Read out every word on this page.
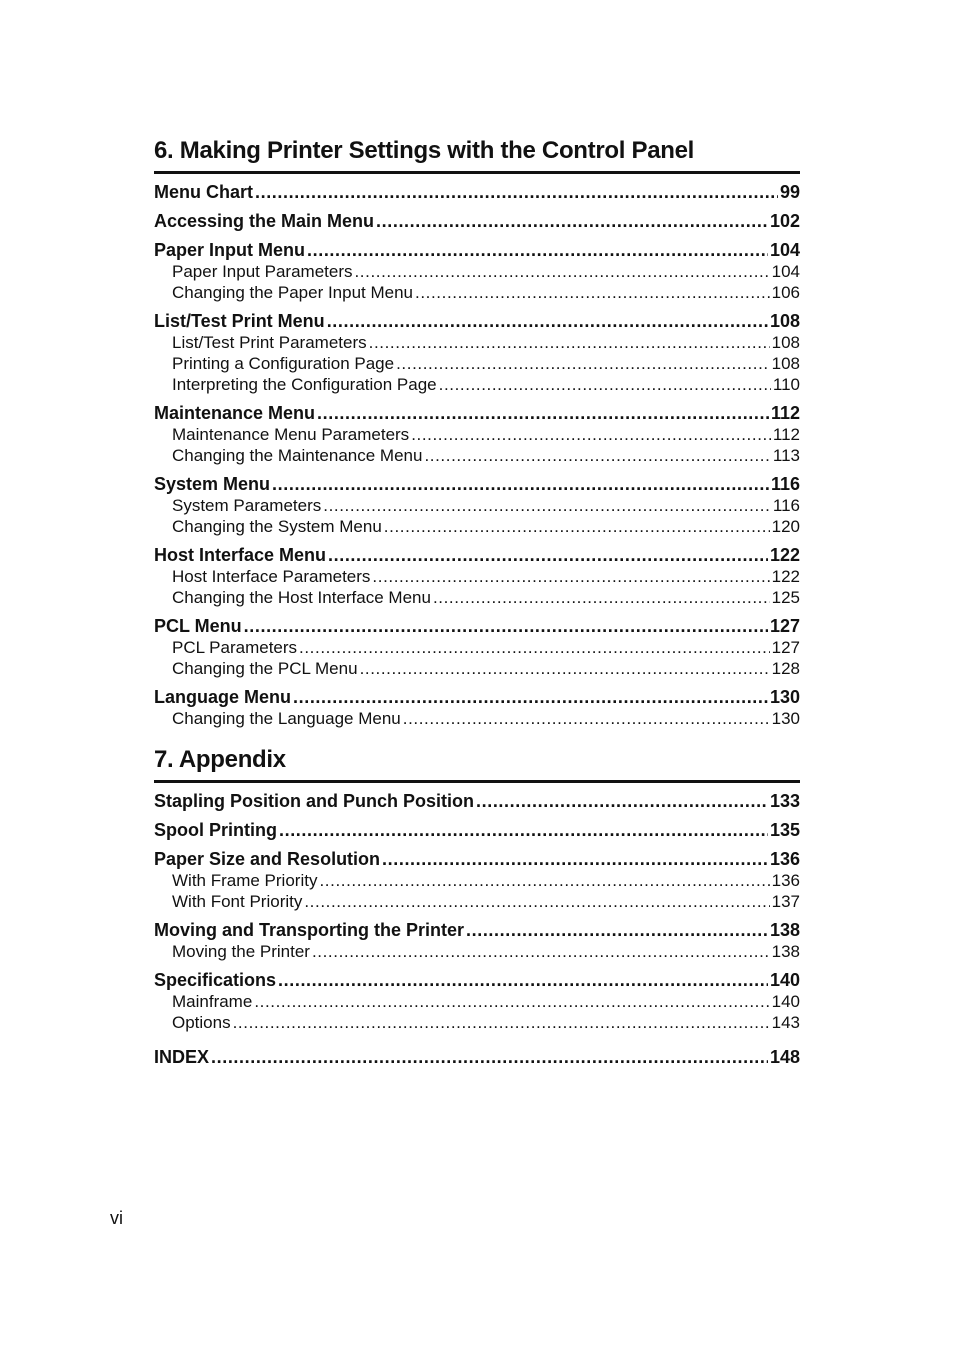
6. Making Printer Settings with the Control Panel
Menu Chart .....	99
Accessing the Main Menu .....	102
Paper Input Menu .....	104
Paper Input Parameters .....	104
Changing the Paper Input Menu .....	106
List/Test Print Menu .....	108
List/Test Print Parameters .....	108
Printing a Configuration Page .....	108
Interpreting the Configuration Page .....	110
Maintenance Menu .....	112
Maintenance Menu Parameters .....	112
Changing the Maintenance Menu .....	113
System Menu .....	116
System Parameters .....	116
Changing the System Menu .....	120
Host Interface Menu .....	122
Host Interface Parameters .....	122
Changing the Host Interface Menu .....	125
PCL Menu .....	127
PCL Parameters .....	127
Changing the PCL Menu .....	128
Language Menu .....	130
Changing the Language Menu .....	130
7. Appendix
Stapling Position and Punch Position .....	133
Spool Printing .....	135
Paper Size and Resolution .....	136
With Frame Priority .....	136
With Font Priority .....	137
Moving and Transporting the Printer .....	138
Moving the Printer .....	138
Specifications .....	140
Mainframe .....	140
Options .....	143
INDEX .....	148
vi
